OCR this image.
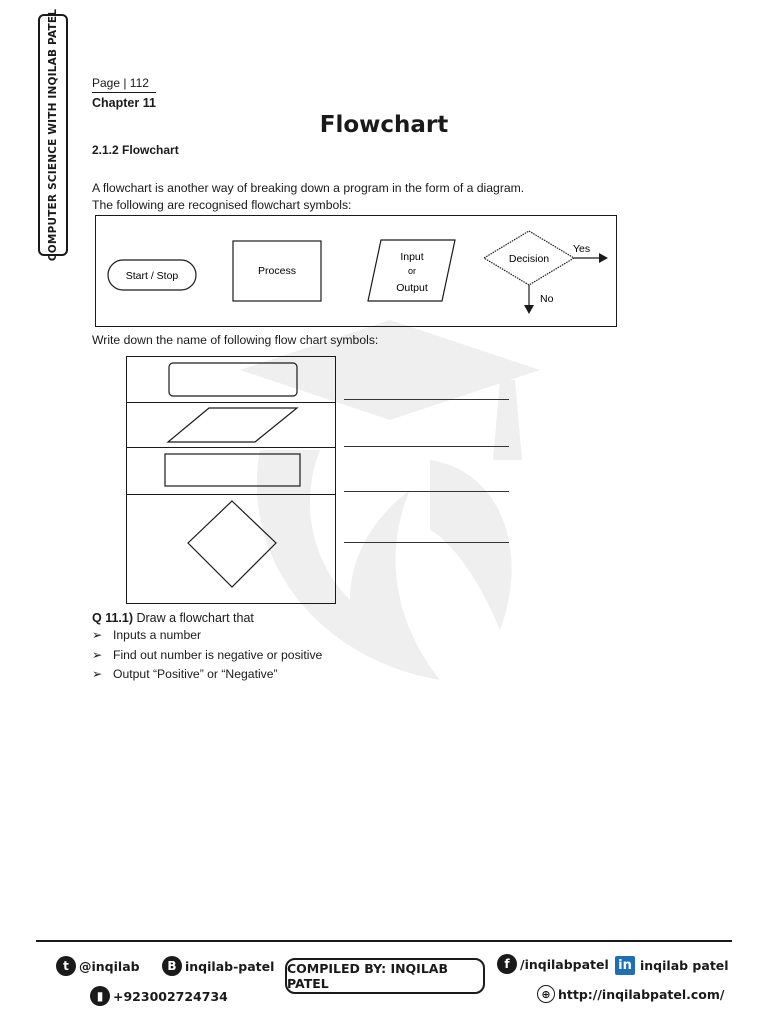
COMPUTER SCIENCE WITH INQILAB PATEL	Page | 112
Chapter 11
Flowchart
2.1.2 Flowchart
A flowchart is another way of breaking down a program in the form of a diagram.
The following are recognised flowchart symbols:
Start / Stop	Process
Input
or
Output
Decision
Yes
No
Write down the name of following flow chart symbols:
Q 11.1) Draw a flowchart that
➢ Inputs a number
➢ Find out number is negative or positive
➢ Output “Positive” or “Negative”
t @inqilab	B inqilab-patel COMPILED BY: INQILAB PATEL
f /inqilabpatel in inqilab patel
▮ +923002724734	⊕ http://inqilabpatel.com/
